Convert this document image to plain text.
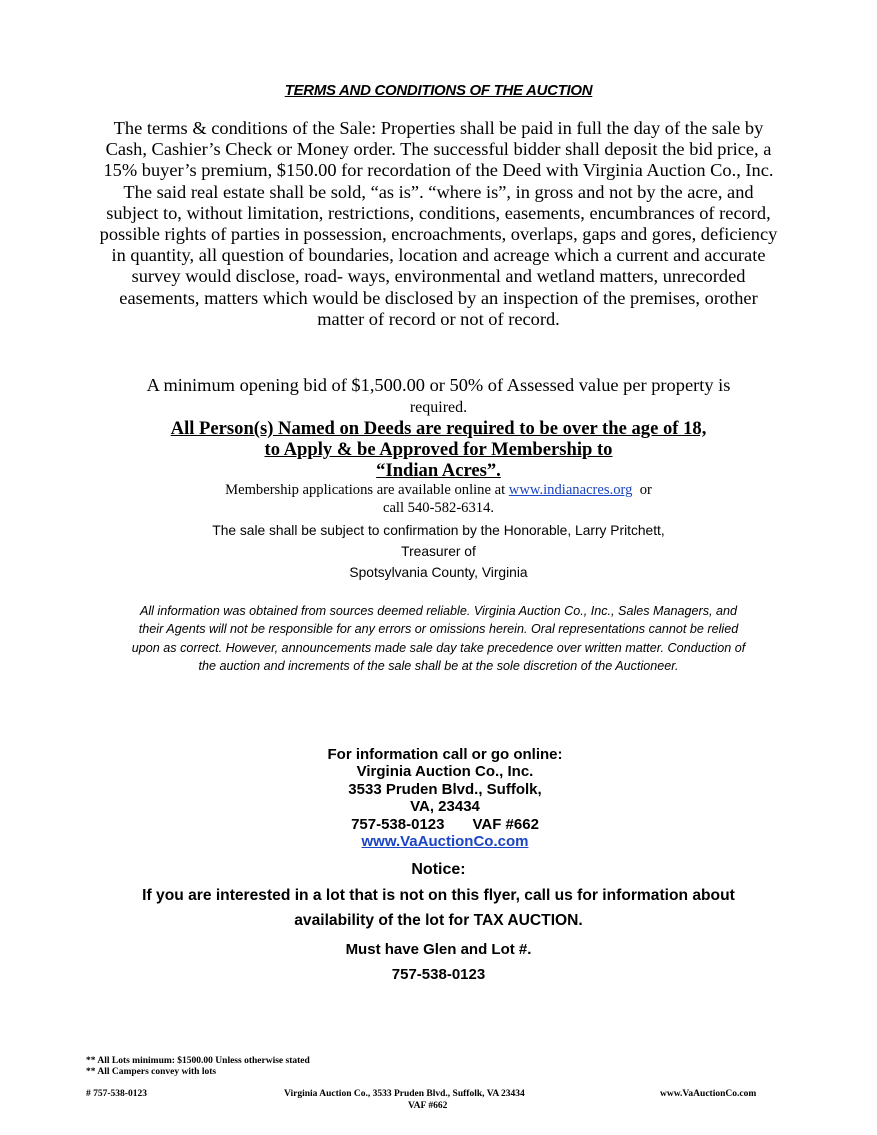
TERMS AND CONDITIONS OF THE AUCTION
The terms & conditions of the Sale: Properties shall be paid in full the day of the sale by Cash, Cashier’s Check or Money order. The successful bidder shall deposit the bid price, a 15% buyer’s premium, $150.00 for recordation of the Deed with Virginia Auction Co., Inc. The said real estate shall be sold, “as is”. “where is”, in gross and not by the acre, and subject to, without limitation, restrictions, conditions, easements, encumbrances of record, possible rights of parties in possession, encroachments, overlaps, gaps and gores, deficiency in quantity, all question of boundaries, location and acreage which a current and accurate survey would disclose, road- ways, environmental and wetland matters, unrecorded easements, matters which would be disclosed by an inspection of the premises, orother matter of record or not of record.
A minimum opening bid of $1,500.00 or 50% of Assessed value per property is
required.
All Person(s) Named on Deeds are required to be over the age of 18,
to Apply & be Approved for Membership to
“Indian Acres”.
Membership applications are available online at www.indianacres.org or
call 540-582-6314.
The sale shall be subject to confirmation by the Honorable, Larry Pritchett,
Treasurer of
Spotsylvania County, Virginia
All information was obtained from sources deemed reliable. Virginia Auction Co., Inc., Sales Managers, and their Agents will not be responsible for any errors or omissions herein. Oral representations cannot be relied upon as correct. However, announcements made sale day take precedence over written matter. Conduction of the auction and increments of the sale shall be at the sole discretion of the Auctioneer.
For information call or go online:
Virginia Auction Co., Inc.
3533 Pruden Blvd., Suffolk,
VA, 23434
757-538-0123 VAF #662
www.VaAuctionCo.com
Notice:
If you are interested in a lot that is not on this flyer, call us for information about availability of the lot for TAX AUCTION.
Must have Glen and Lot #.
757-538-0123
** All Lots minimum: $1500.00 Unless otherwise stated
** All Campers convey with lots
# 757-538-0123	Virginia Auction Co., 3533 Pruden Blvd., Suffolk, VA 23434	www.VaAuctionCo.com
VAF #662
